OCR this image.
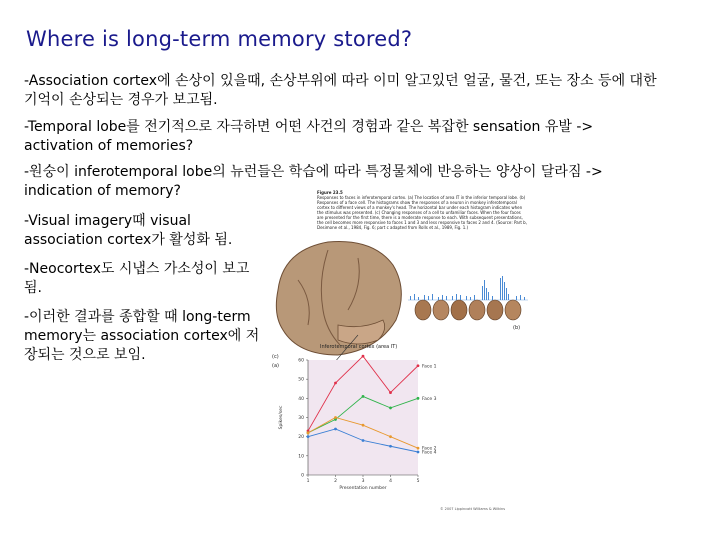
Where is long-term memory stored?
-Association cortex에 손상이 있을때, 손상부위에 따라 이미 알고있던 얼굴, 물건, 또는 장소 등에 대한 기억이 손상되는 경우가 보고됨.
-Temporal lobe를 전기적으로 자극하면 어떤 사건의 경험과 같은 복잡한 sensation 유발 -> activation of memories?
-원숭이 inferotemporal lobe의 뉴런들은 학습에 따라 특정물체에 반응하는 양상이 달라짐 -> indication of memory?
-Visual imagery때 visual association cortex가 활성화 됨.
-Neocortex도 시냅스 가소성이 보고됨.
-이러한 결과를 종합할 때 long-term memory는 association cortex에 저장되는 것으로 보임.
Figure 23.5
Responses to faces in inferotemporal cortex. (a) The location of area IT in the inferior temporal lobe. (b) Responses of a face cell. The histograms show the responses of a neuron in monkey inferotemporal cortex to different views of a monkey's head. The horizontal bar under each histogram indicates when the stimulus was presented. (c) Changing responses of a cell to unfamiliar faces. When the four faces are presented for the first time, there is a moderate response to each. With subsequent presentations, the cell becomes more responsive to faces 1 and 3 and less responsive to faces 2 and 4. (Source: Part b, Desimone et al., 1984, Fig. 6; part c adapted from Rolls et al., 1989, Fig. 1.)
Inferotemporal cortex (area IT)
(a)
(b)
(c)
0
10
20
30
40
50
60
1	2	3	4	5
Spikes/sec
Presentation number
Face 1
Face 3
Face 2
Face 4
© 2007 Lippincott Williams & Wilkins
